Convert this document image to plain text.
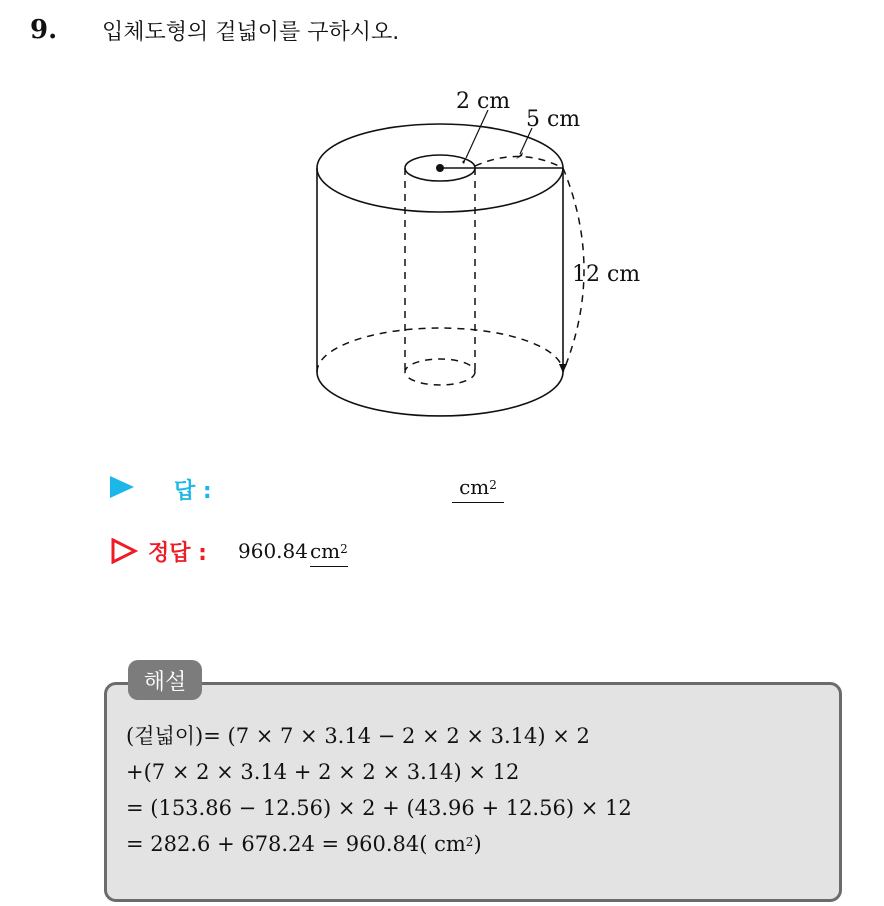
9.	입체도형의 겉넓이를 구하시오.
2 cm
5 cm
12 cm
답 :	$cm^2$
정답 : 960.84 $cm^2$
해설
(겉넓이)= (7 × 7 × 3.14 − 2 × 2 × 3.14) × 2
+(7 × 2 × 3.14 + 2 × 2 × 3.14) × 12
= (153.86 − 12.56) × 2 + (43.96 + 12.56) × 12
= 282.6 + 678.24 = 960.84( $cm^2$)
